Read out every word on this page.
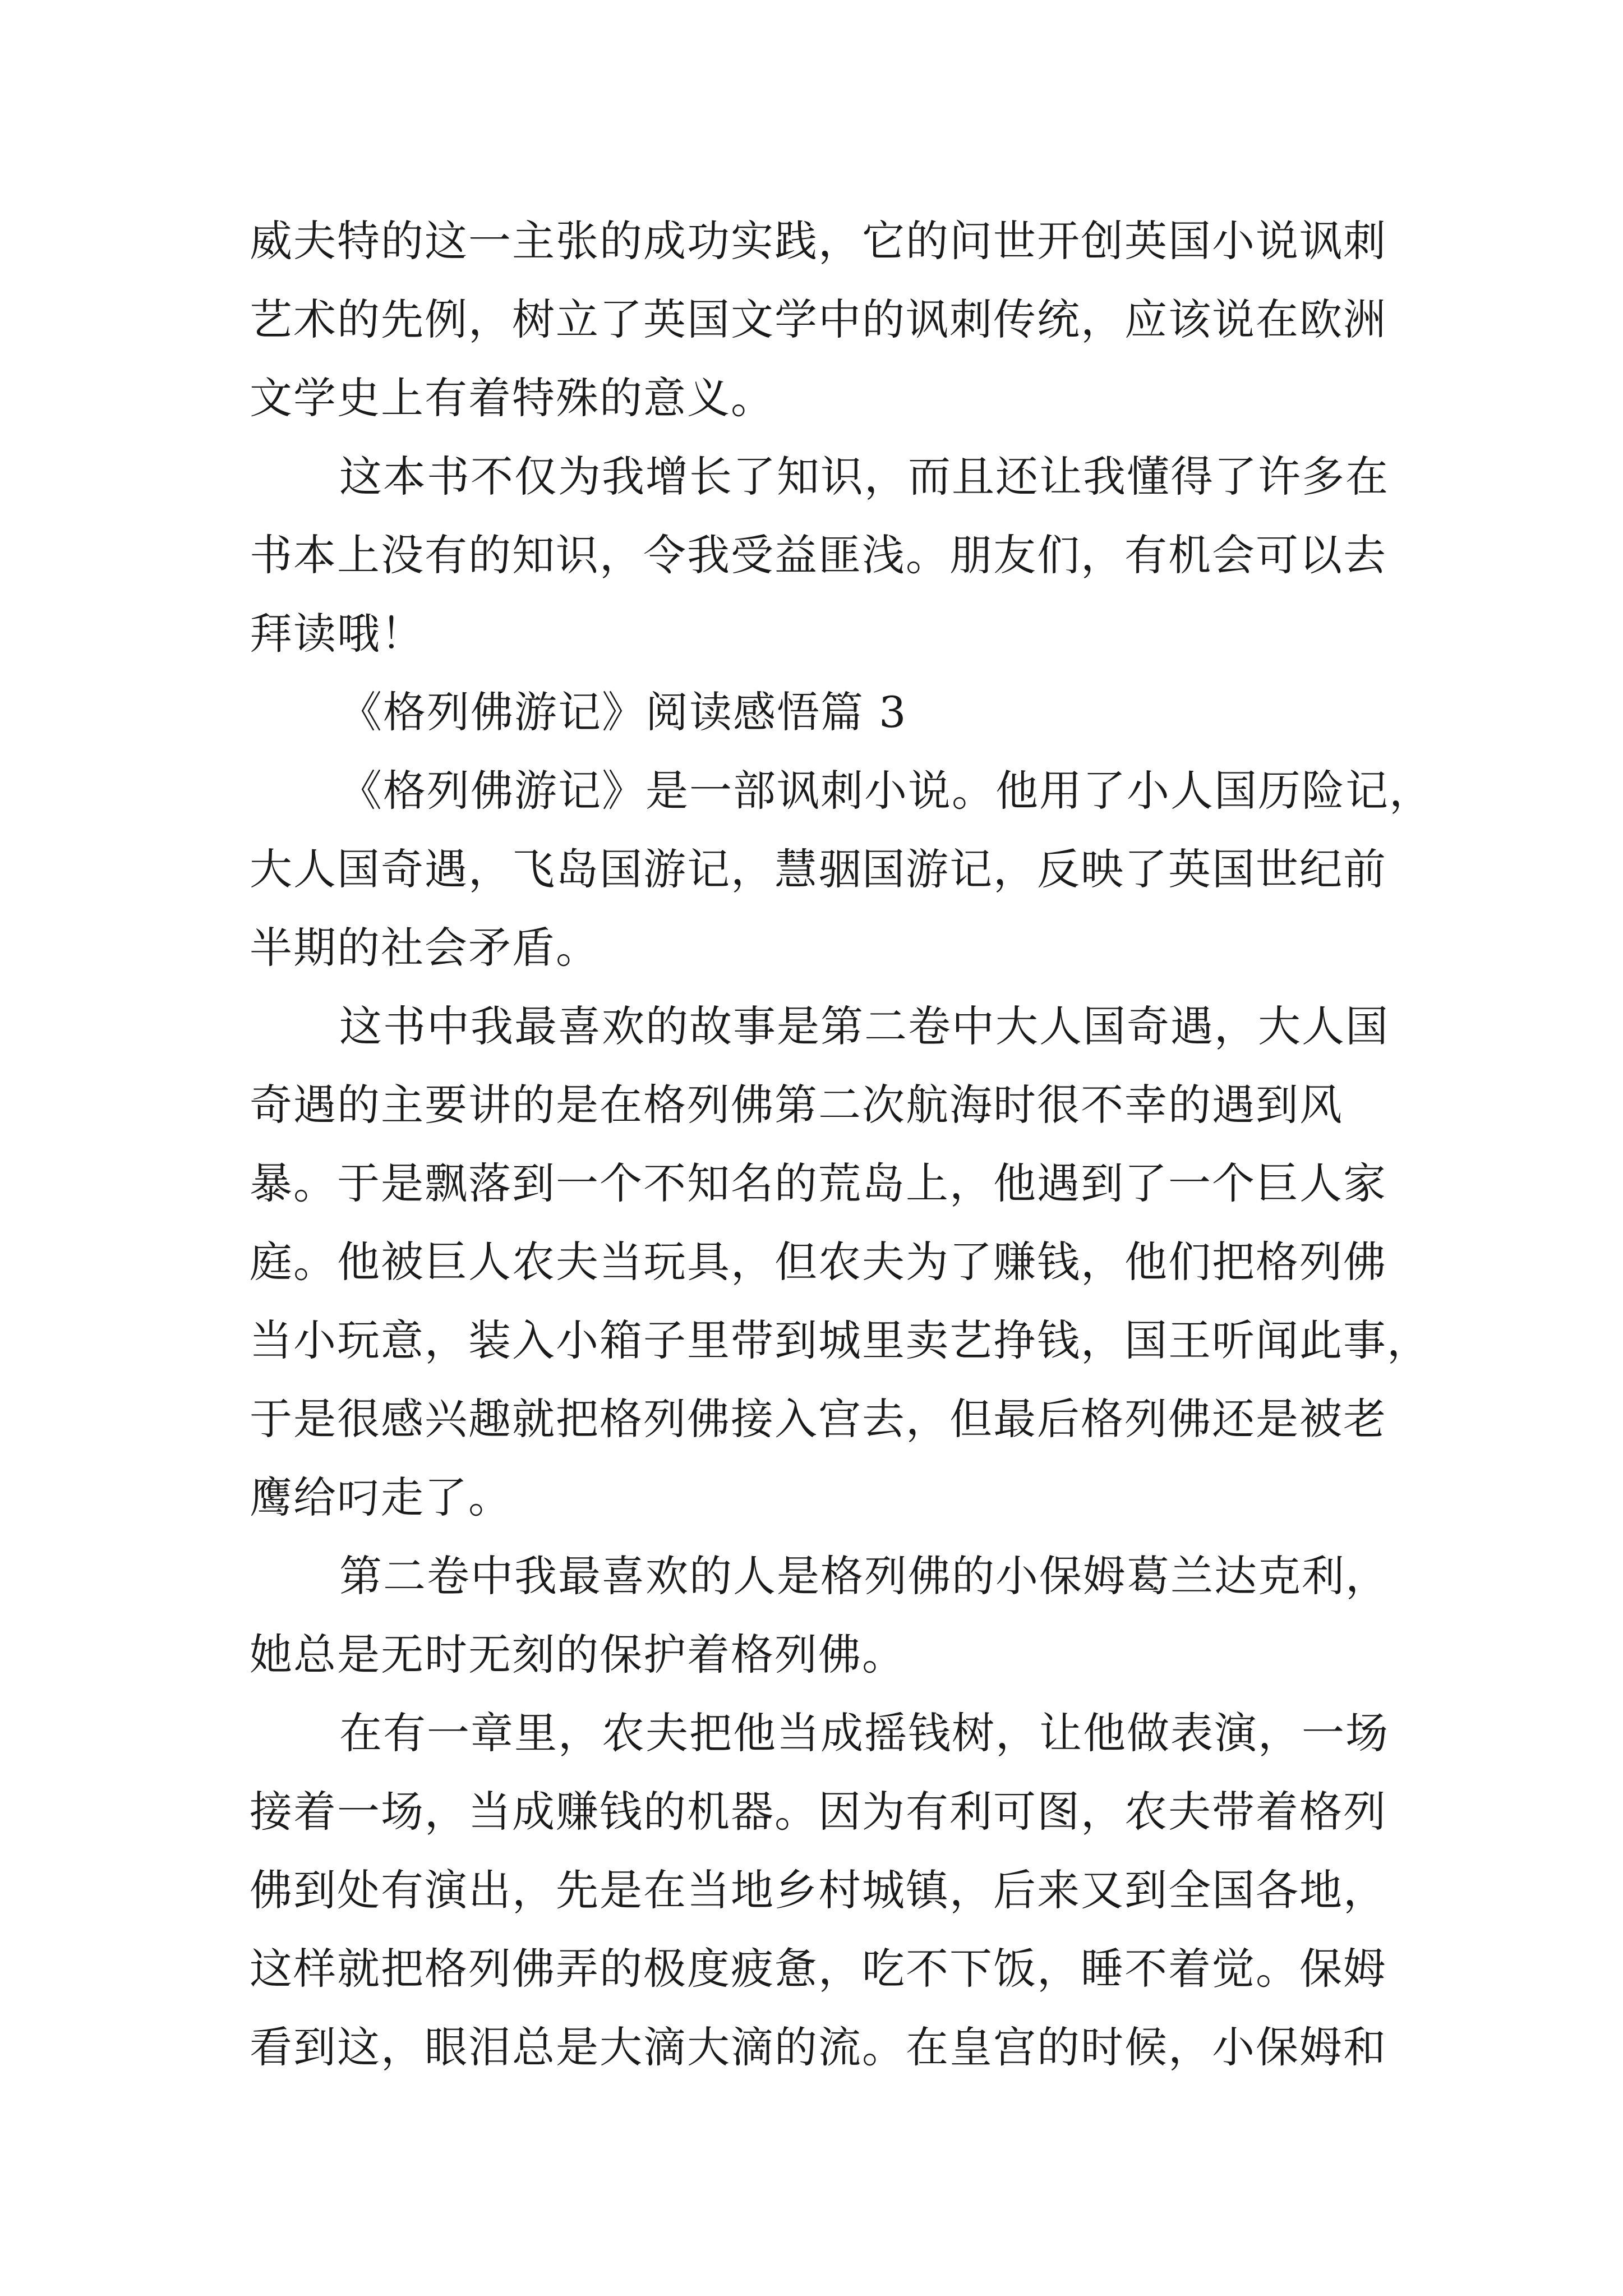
威夫特的这一主张的成功实践，它的问世开创英国小说讽刺
艺术的先例，树立了英国文学中的讽刺传统，应该说在欧洲
文学史上有着特殊的意义。
这本书不仅为我增长了知识，而且还让我懂得了许多在
书本上没有的知识，令我受益匪浅。朋友们，有机会可以去
拜读哦！
《格列佛游记》阅读感悟篇 3
《格列佛游记》是一部讽刺小说。他用了小人国历险记，
大人国奇遇，飞岛国游记，慧骃国游记，反映了英国世纪前
半期的社会矛盾。
这书中我最喜欢的故事是第二卷中大人国奇遇，大人国
奇遇的主要讲的是在格列佛第二次航海时很不幸的遇到风
暴。于是飘落到一个不知名的荒岛上，他遇到了一个巨人家
庭。他被巨人农夫当玩具，但农夫为了赚钱，他们把格列佛
当小玩意，装入小箱子里带到城里卖艺挣钱，国王听闻此事，
于是很感兴趣就把格列佛接入宫去，但最后格列佛还是被老
鹰给叼走了。
第二卷中我最喜欢的人是格列佛的小保姆葛兰达克利，
她总是无时无刻的保护着格列佛。
在有一章里，农夫把他当成摇钱树，让他做表演，一场
接着一场，当成赚钱的机器。因为有利可图，农夫带着格列
佛到处有演出，先是在当地乡村城镇，后来又到全国各地，
这样就把格列佛弄的极度疲惫，吃不下饭，睡不着觉。保姆
看到这，眼泪总是大滴大滴的流。在皇宫的时候，小保姆和
